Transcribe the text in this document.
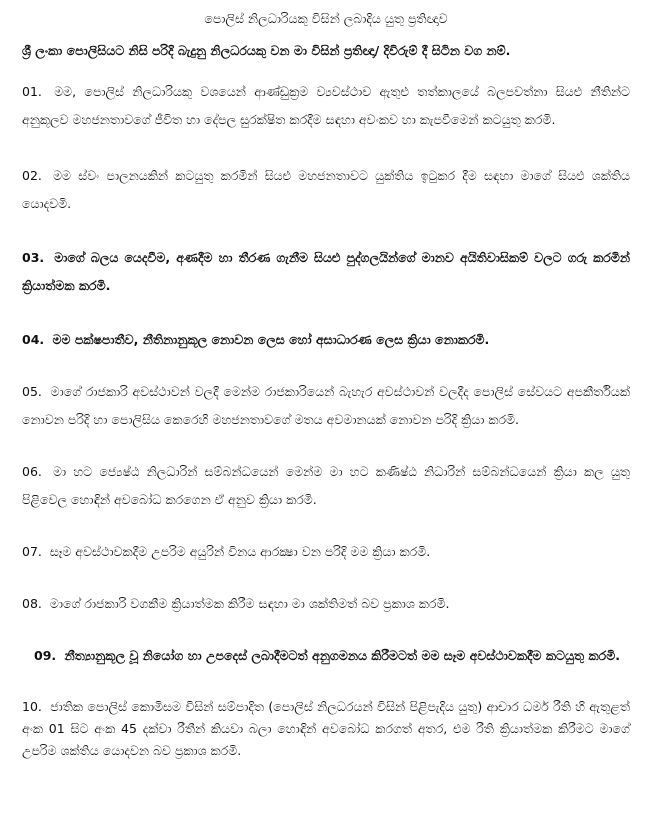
පොලිස් නිලධාරියකු විසින් ලබාදිය යුතු ප්‍රතිඥාව
ශ්‍රී ලංකා පොලිසියට නිසි පරිදි බැදුනු නිලධරයකු වන මා විසින් ප්‍රතිඥා/ දිවිරුම් දී සිටින වග නම්.
01. මම, පොලිස් නිලධාරියකු වශයෙන් ආණ්ඩුක්‍රම ව්‍යවස්ථාව ඇතුළු තත්කාලයේ බලපවත්නා සියළු නීතින්ට අනුකූලව මහජනතාවගේ ජීවිත හා දේපල සුරක්ෂිත කරදීම සඳහා අවංකව හා කැපවීමෙන් කටයුතු කරමි.
02. මම ස්වං පාලනයකින් කටයුතු කරමින් සියළු මහජනතාවට යුක්තිය ඉටුකර දීම සඳහා මාගේ සියළු ශක්තිය යොදවමි.
03. මාගේ බලය යෙදවීම, අණදීම හා තීරණ ගැනීම සියළු පුද්ගලයින්ගේ මානව අයිතිවාසිකම් වලට ගරු කරමින් ක්‍රියාත්මක කරමි.
04. මම පක්ෂපාතීව, නීතිනානුකූල නොවන ලෙස හෝ අසාධාරණ ලෙස ක්‍රියා නොකරමි.
05. මාගේ රාජකාරි අවස්ථාවන් වලදී මෙන්ම රාජකාරියෙන් බැහැර අවස්ථාවන් වලදීද පොලිස් සේවයට අපකීර්තියක් නොවන පරිදි හා පොලිසිය කෙරෙහි මහජනතාවගේ මතය අවමානයක් නොවන පරිදි ක්‍රියා කරමි.
06. මා හට ජ්‍යෙෂ්ඨ නිලධාරින් සම්බන්ධයෙන් මෙන්ම මා හට කණිෂ්ඨ නිධාරින් සම්බන්ධයෙන් ක්‍රියා කල යුතු පිළිවෙල හොඳින් අවබෝධ කරගෙන ඒ අනුව ක්‍රියා කරමි.
07. සෑම අවස්ථාවකදීම උපරිම අයුරින් විනය ආරක්‍ෂා වන පරිදි මම ක්‍රියා කරමි.
08. මාගේ රාජකාරි වගකීම ක්‍රියාත්මක කිරීම සඳහා මා ශක්තිමත් බව ප්‍රකාශ කරමි.
09. නීත්‍යානුකූල වූ නියෝග හා උපදෙස් ලබාදීමටත් අනුගමනය කිරීමටත් මම සෑම අවස්ථාවකදීම කටයුතු කරමි.
10. ජාතික පොලිස් කොමිසම විසින් සම්පාදිත (පොලිස් නිලධරයන් විසින් පිළිපැදිය යුතු) ආචාර ධර්ම රීති හි ඇතුළත් අංක 01 සිට අංක 45 දක්වා රීතීන් කියවා බලා හොඳින් අවබෝධ කරගත් අතර, එම රීති ක්‍රියාත්මක කිරීමට මාගේ උපරිම ශක්තිය යොදවන බව ප්‍රකාශ කරමි.
